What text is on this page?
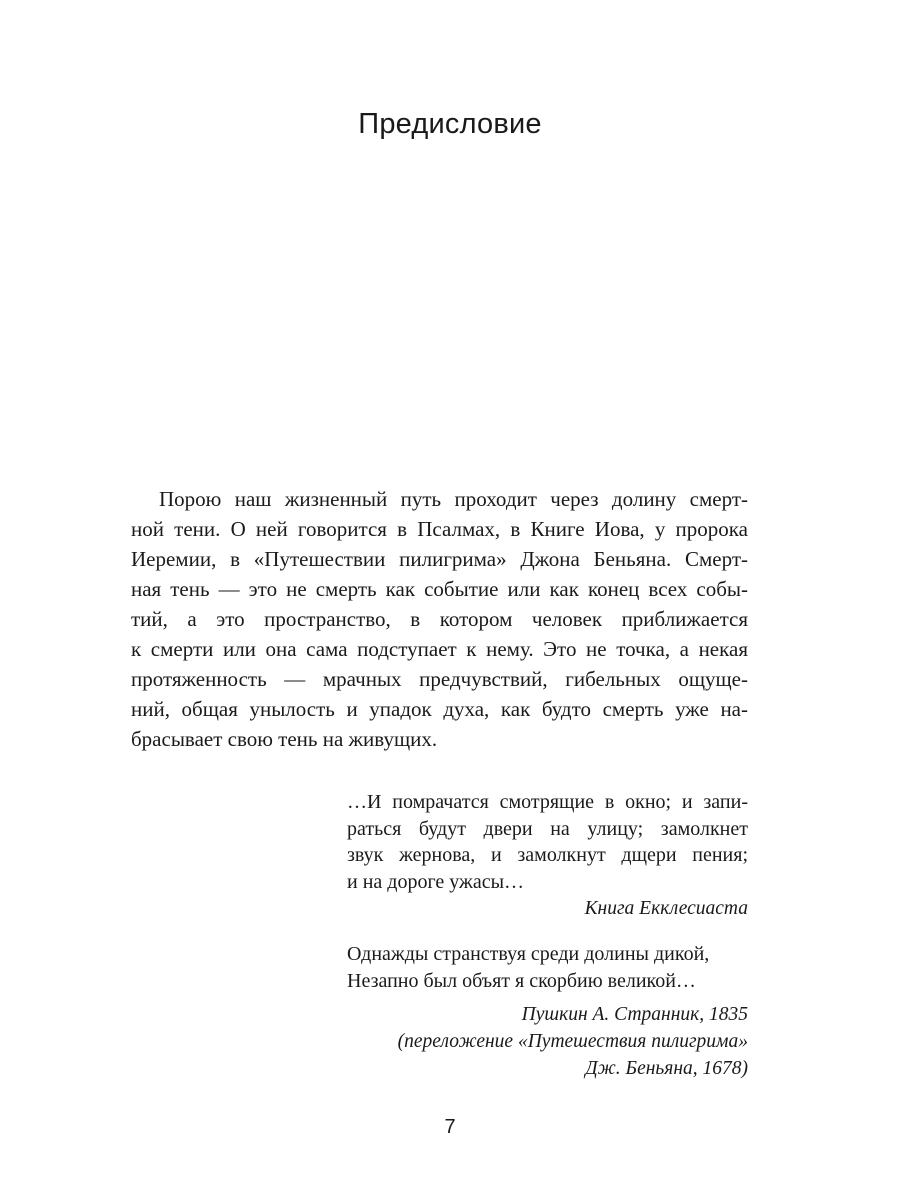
Предисловие

Порою наш жизненный путь проходит через долину смерт-
ной тени. О ней говорится в Псалмах, в Книге Иова, у пророка
Иеремии, в «Путешествии пилигрима» Джона Беньяна. Смерт-
ная тень — это не смерть как событие или как конец всех собы-
тий, а это пространство, в котором человек приближается
к смерти или она сама подступает к нему. Это не точка, а некая
протяженность — мрачных предчувствий, гибельных ощуще-
ний, общая унылость и упадок духа, как будто смерть уже на-
брасывает свою тень на живущих.

…И помрачатся смотрящие в окно; и запи-
раться будут двери на улицу; замолкнет
звук жернова, и замолкнут дщери пения;
и на дороге ужасы…

Книга Екклесиаста

Однажды странствуя среди долины дикой,
Незапно был объят я скорбию великой…

Пушкин А. Странник, 1835
(переложение «Путешествия пилигрима»
Дж. Беньяна, 1678)
7
